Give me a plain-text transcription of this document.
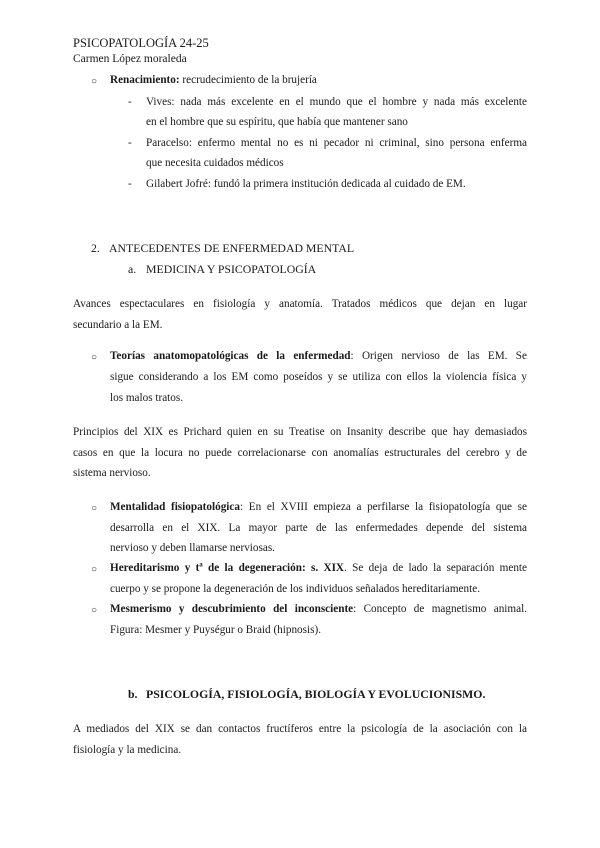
PSICOPATOLOGÍA 24-25
Carmen López moraleda
○ Renacimiento: recrudecimiento de la brujería
- Vives: nada más excelente en el mundo que el hombre y nada más excelente
en el hombre que su espíritu, que había que mantener sano
- Paracelso: enfermo mental no es ni pecador ni criminal, sino persona enferma
que necesita cuidados médicos
- Gilabert Jofré: fundó la primera institución dedicada al cuidado de EM.
2. ANTECEDENTES DE ENFERMEDAD MENTAL
a. MEDICINA Y PSICOPATOLOGÍA
Avances espectaculares en fisiología y anatomía. Tratados médicos que dejan en lugar
secundario a la EM.
○ Teorías anatomopatológicas de la enfermedad: Origen nervioso de las EM. Se
sigue considerando a los EM como poseídos y se utiliza con ellos la violencia física y
los malos tratos.
Principios del XIX es Prichard quien en su Treatise on Insanity describe que hay demasiados
casos en que la locura no puede correlacionarse con anomalías estructurales del cerebro y de
sistema nervioso.
○ Mentalidad fisiopatológica: En el XVIII empieza a perfilarse la fisiopatología que se
desarrolla en el XIX. La mayor parte de las enfermedades depende del sistema
nervioso y deben llamarse nerviosas.
○ Hereditarismo y tª de la degeneración: s. XIX. Se deja de lado la separación mente
cuerpo y se propone la degeneración de los individuos señalados hereditariamente.
○ Mesmerismo y descubrimiento del inconsciente: Concepto de magnetismo animal.
Figura: Mesmer y Puységur o Braid (hipnosis).
b. PSICOLOGÍA, FISIOLOGÍA, BIOLOGÍA Y EVOLUCIONISMO.
A mediados del XIX se dan contactos fructíferos entre la psicología de la asociación con la
fisiología y la medicina.
